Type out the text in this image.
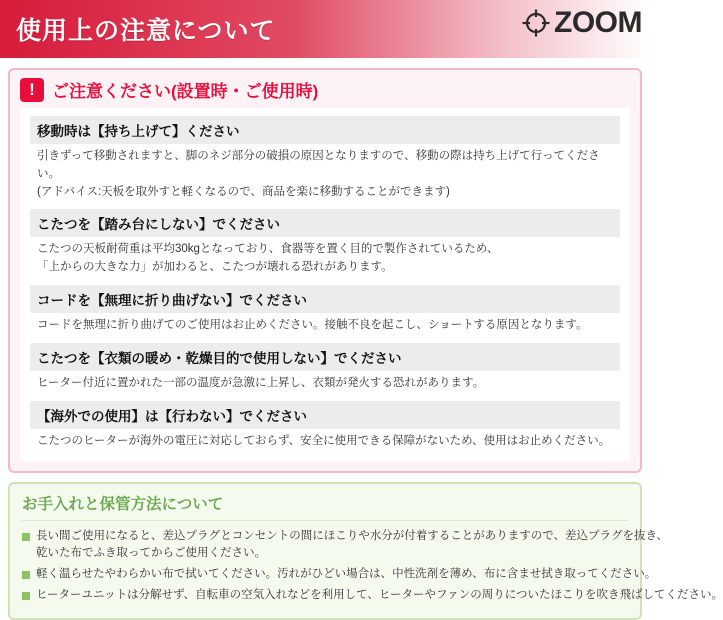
使用上の注意について	ZOOM
!	ご注意ください(設置時・ご使用時)
移動時は【持ち上げて】ください
引きずって移動されますと、脚のネジ部分の破損の原因となりますので、移動の際は持ち上げて行ってください。
(アドバイス:天板を取外すと軽くなるので、商品を楽に移動することができます)
こたつを【踏み台にしない】でください
こたつの天板耐荷重は平均30kgとなっており、食器等を置く目的で製作されているため、
「上からの大きな力」が加わると、こたつが壊れる恐れがあります。
コードを【無理に折り曲げない】でください
コードを無理に折り曲げてのご使用はお止めください。接触不良を起こし、ショートする原因となります。
こたつを【衣類の暖め・乾燥目的で使用しない】でください
ヒーター付近に置かれた一部の温度が急激に上昇し、衣類が発火する恐れがあります。
【海外での使用】は【行わない】でください
こたつのヒーターが海外の電圧に対応しておらず、安全に使用できる保障がないため、使用はお止めください。
お手入れと保管方法について
長い間ご使用になると、差込プラグとコンセントの間にほこりや水分が付着することがありますので、差込プラグを抜き、
乾いた布でふき取ってからご使用ください。
軽く温らせたやわらかい布で拭いてください。汚れがひどい場合は、中性洗剤を薄め、布に含ませ拭き取ってください。
ヒーターユニットは分解せず、自転車の空気入れなどを利用して、ヒーターやファンの周りについたほこりを吹き飛ばしてください。
